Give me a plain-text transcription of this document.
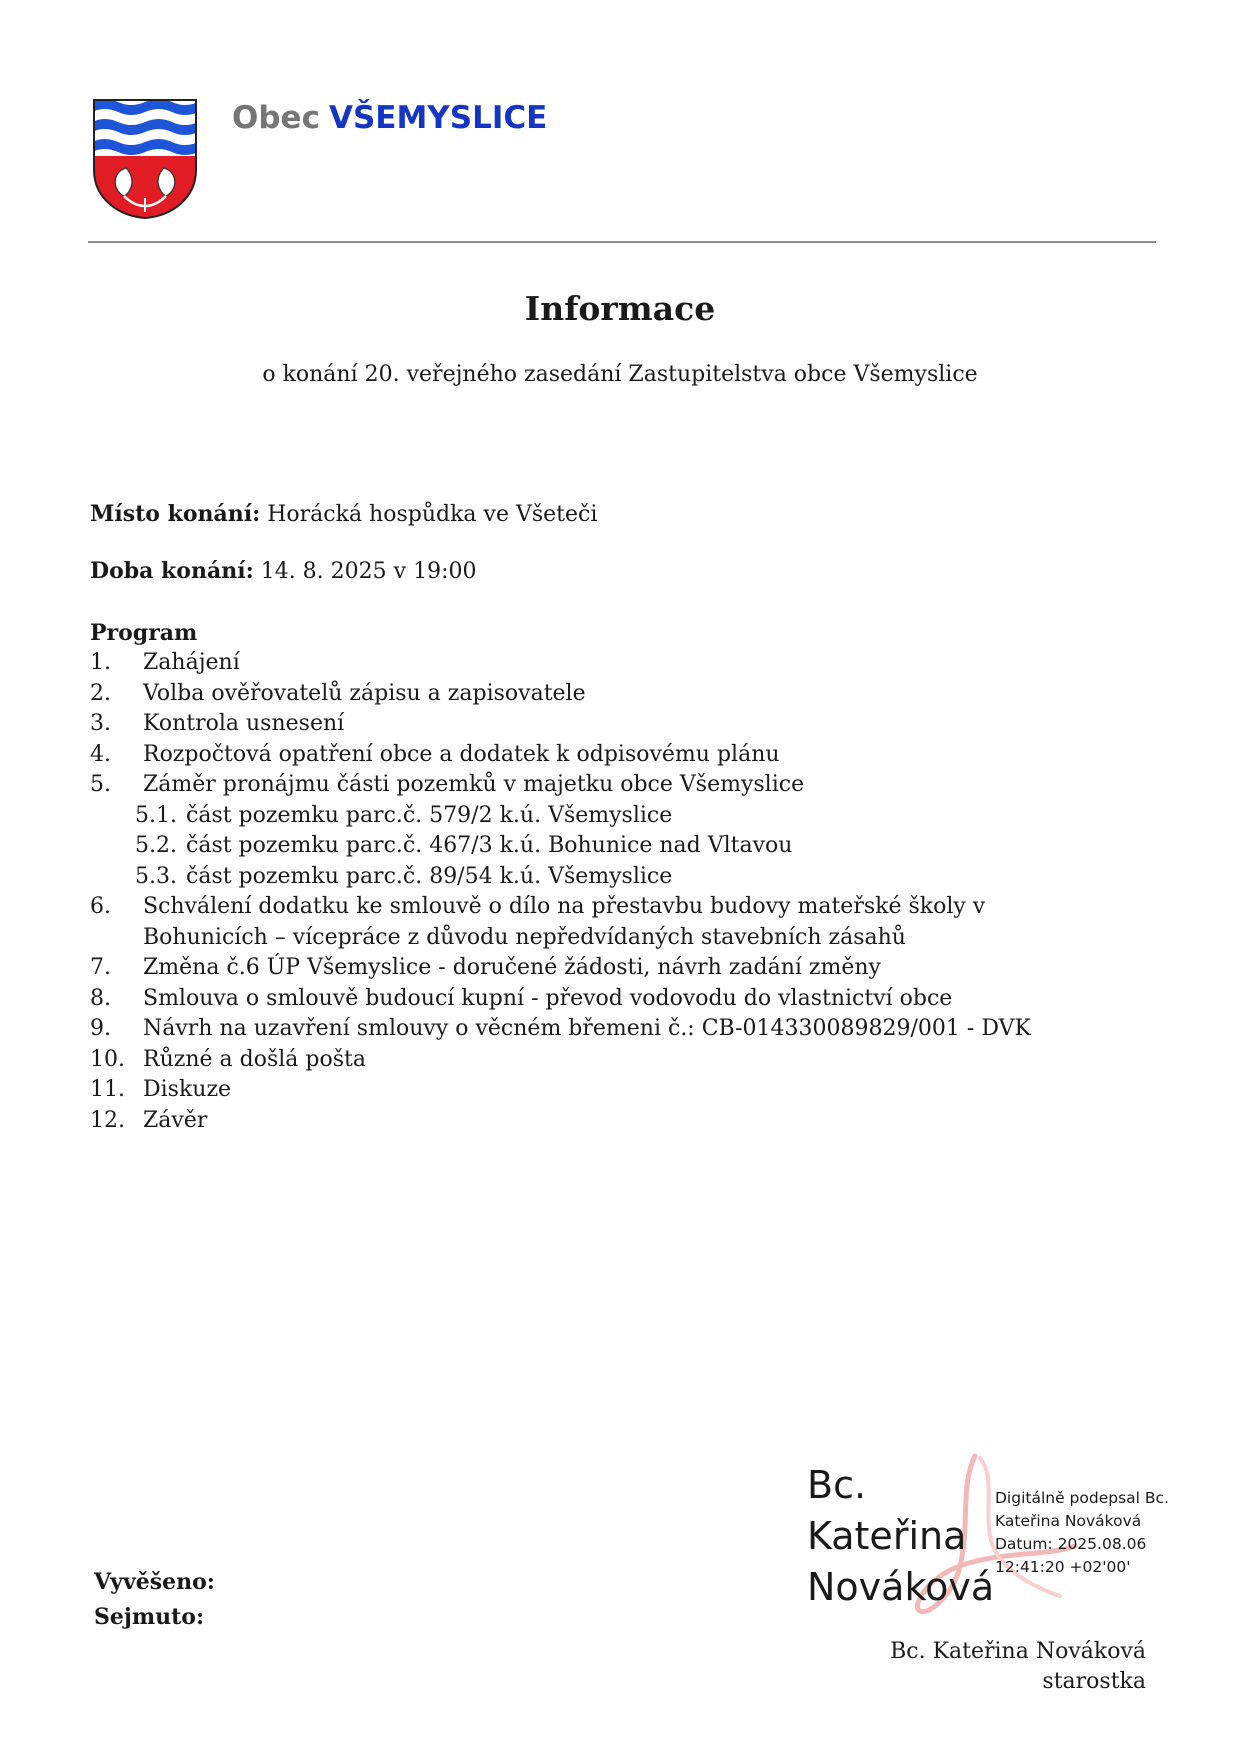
Obec VŠEMYSLICE
Informace
o konání 20. veřejného zasedání Zastupitelstva obce Všemyslice
Místo konání: Horácká hospůdka ve Všeteči
Doba konání: 14. 8. 2025 v 19:00
Program
1. Zahájení
2. Volba ověřovatelů zápisu a zapisovatele
3. Kontrola usnesení
4. Rozpočtová opatření obce a dodatek k odpisovému plánu
5. Záměr pronájmu části pozemků v majetku obce Všemyslice
5.1. část pozemku parc.č. 579/2 k.ú. Všemyslice
5.2. část pozemku parc.č. 467/3 k.ú. Bohunice nad Vltavou
5.3. část pozemku parc.č. 89/54 k.ú. Všemyslice
6. Schválení dodatku ke smlouvě o dílo na přestavbu budovy mateřské školy v Bohunicích – vícepráce z důvodu nepředvídaných stavebních zásahů
7. Změna č.6 ÚP Všemyslice - doručené žádosti, návrh zadání změny
8. Smlouva o smlouvě budoucí kupní - převod vodovodu do vlastnictví obce
9. Návrh na uzavření smlouvy o věcném břemeni č.: CB-014330089829/001 - DVK
10. Různé a došlá pošta
11. Diskuze
12. Závěr
Vyvěšeno:
Sejmuto:
Bc.
Kateřina
Nováková
Digitálně podepsal Bc.
Kateřina Nováková
Datum: 2025.08.06
12:41:20 +02'00'
Bc. Kateřina Nováková
starostka
